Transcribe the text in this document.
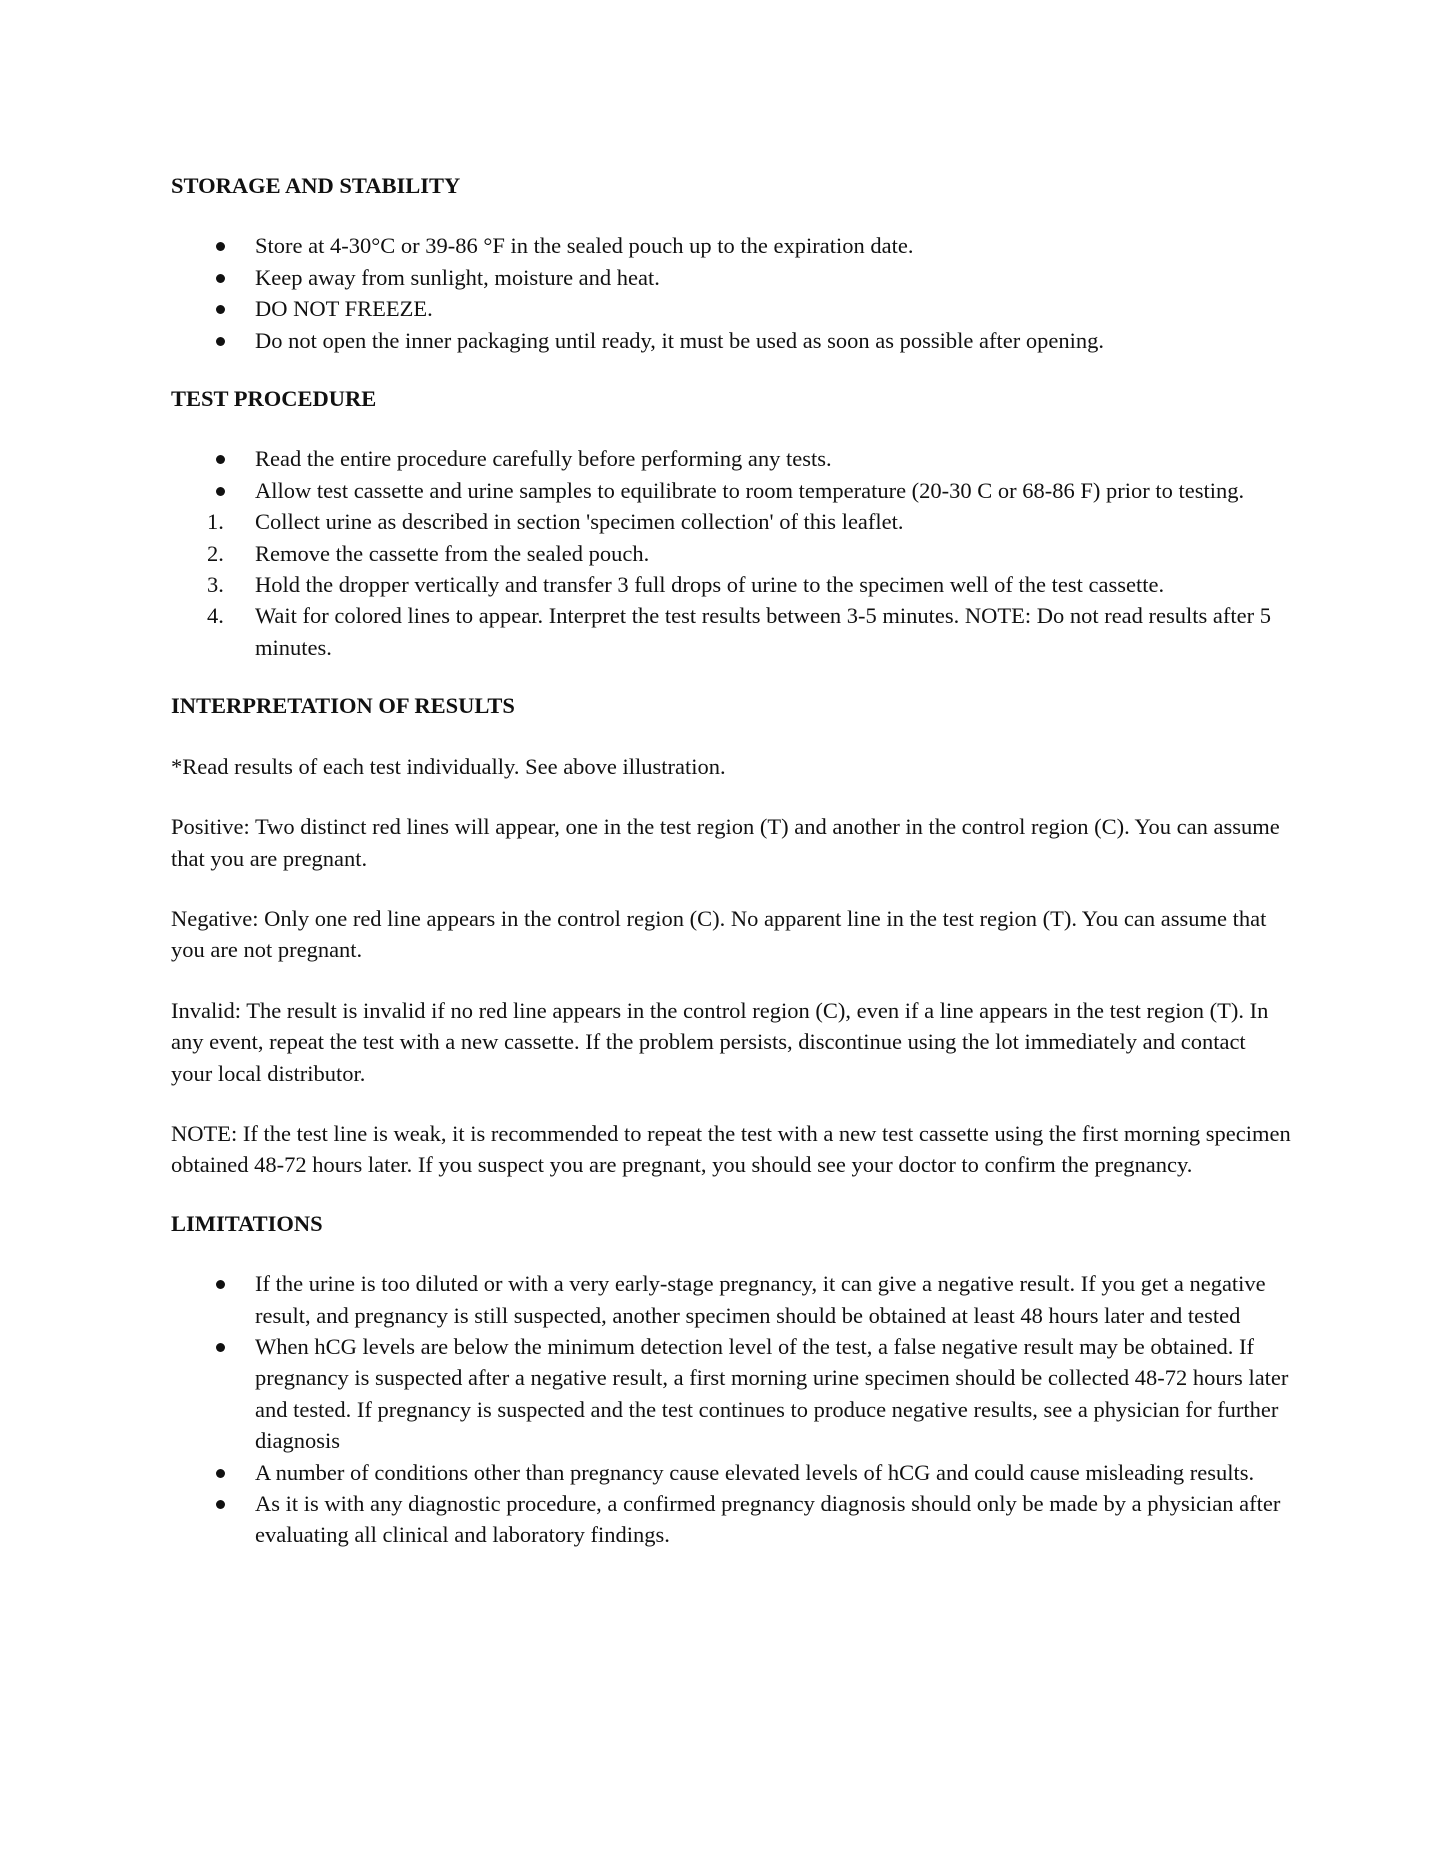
STORAGE AND STABILITY
Store at 4-30°C or 39-86 °F in the sealed pouch up to the expiration date.
Keep away from sunlight, moisture and heat.
DO NOT FREEZE.
Do not open the inner packaging until ready, it must be used as soon as possible after opening.
TEST PROCEDURE
Read the entire procedure carefully before performing any tests.
Allow test cassette and urine samples to equilibrate to room temperature (20-30 C or 68-86 F) prior to testing.
1. Collect urine as described in section 'specimen collection' of this leaflet.
2. Remove the cassette from the sealed pouch.
3. Hold the dropper vertically and transfer 3 full drops of urine to the specimen well of the test cassette.
4. Wait for colored lines to appear. Interpret the test results between 3-5 minutes. NOTE: Do not read results after 5 minutes.
INTERPRETATION OF RESULTS

*Read results of each test individually. See above illustration.

Positive: Two distinct red lines will appear, one in the test region (T) and another in the control region (C). You can assume that you are pregnant.

Negative: Only one red line appears in the control region (C). No apparent line in the test region (T). You can assume that you are not pregnant.

Invalid: The result is invalid if no red line appears in the control region (C), even if a line appears in the test region (T). In any event, repeat the test with a new cassette. If the problem persists, discontinue using the lot immediately and contact your local distributor.

NOTE: If the test line is weak, it is recommended to repeat the test with a new test cassette using the first morning specimen obtained 48-72 hours later. If you suspect you are pregnant, you should see your doctor to confirm the pregnancy.

LIMITATIONS
If the urine is too diluted or with a very early-stage pregnancy, it can give a negative result. If you get a negative result, and pregnancy is still suspected, another specimen should be obtained at least 48 hours later and tested
When hCG levels are below the minimum detection level of the test, a false negative result may be obtained. If pregnancy is suspected after a negative result, a first morning urine specimen should be collected 48-72 hours later and tested. If pregnancy is suspected and the test continues to produce negative results, see a physician for further diagnosis
A number of conditions other than pregnancy cause elevated levels of hCG and could cause misleading results.
As it is with any diagnostic procedure, a confirmed pregnancy diagnosis should only be made by a physician after evaluating all clinical and laboratory findings.
